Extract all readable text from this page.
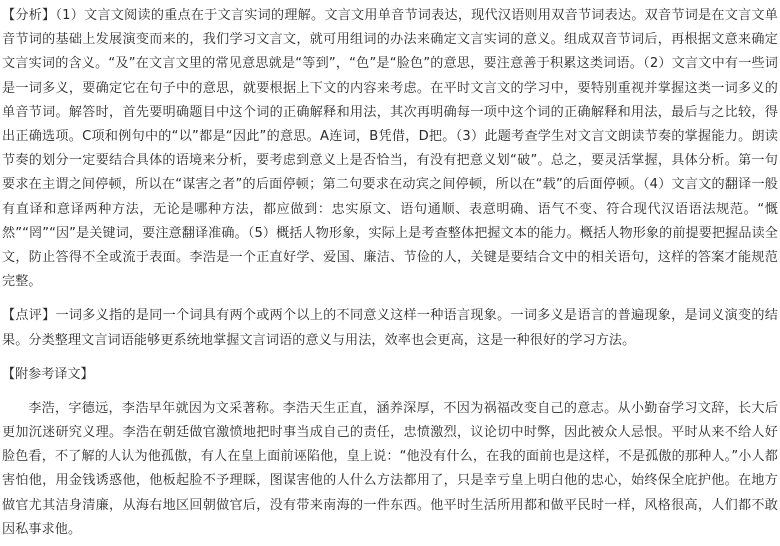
【分析】（1）文言文阅读的重点在于文言实词的理解。文言文用单音节词表达，现代汉语则用双音节词表达。双音节词是在文言文单音节词的基础上发展演变而来的，我们学习文言文，就可用组词的办法来确定文言实词的意义。组成双音节词后，再根据文意来确定文言实词的含义。“及”在文言文里的常见意思就是“等到”，“色”是“脸色”的意思，要注意善于积累这类词语。（2）文言文中有一些词是一词多义，要确定它在句子中的意思，就要根据上下文的内容来考虑。在平时文言文的学习中，要特别重视并掌握这类一词多义的单音节词。解答时，首先要明确题目中这个词的正确解释和用法，其次再明确每一项中这个词的正确解释和用法，最后与之比较，得出正确选项。C项和例句中的“以”都是“因此”的意思。A连词，B凭借，D把。（3）此题考查学生对文言文朗读节奏的掌握能力。朗读节奏的划分一定要结合具体的语境来分析，要考虑到意义上是否恰当，有没有把意义划“破”。总之，要灵活掌握，具体分析。第一句要求在主谓之间停顿，所以在“谋害之者”的后面停顿；第二句要求在动宾之间停顿，所以在“载”的后面停顿。（4）文言文的翻译一般有直译和意译两种方法，无论是哪种方法，都应做到：忠实原文、语句通顺、表意明确、语气不变、符合现代汉语语法规范。“慨然”“罔”“因”是关键词，要注意翻译准确。（5）概括人物形象，实际上是考查整体把握文本的能力。概括人物形象的前提要把握品读全文，防止答得不全或流于表面。李浩是一个正直好学、爱国、廉洁、节俭的人，关键是要结合文中的相关语句，这样的答案才能规范完整。

【点评】一词多义指的是同一个词具有两个或两个以上的不同意义这样一种语言现象。一词多义是语言的普遍现象，是词义演变的结果。分类整理文言词语能够更系统地掌握文言词语的意义与用法，效率也会更高，这是一种很好的学习方法。

【附参考译文】

李浩，字德远，李浩早年就因为文采著称。李浩天生正直，涵养深厚，不因为祸福改变自己的意志。从小勤奋学习文辞，长大后更加沉迷研究义理。李浩在朝廷做官激愤地把时事当成自己的责任，忠愤激烈，议论切中时弊，因此被众人忌恨。平时从来不给人好脸色看，不了解的人认为他孤傲，有人在皇上面前诬陷他，皇上说：“他没有什么，在我的面前也是这样，不是孤傲的那种人。”小人都害怕他，用金钱诱惑他，他板起脸不予理睬，图谋害他的人什么方法都用了，只是幸亏皇上明白他的忠心，始终保全庇护他。在地方做官尤其洁身清廉，从海右地区回朝做官后，没有带来南海的一件东西。他平时生活所用都和做平民时一样，风格很高，人们都不敢因私事求他。
